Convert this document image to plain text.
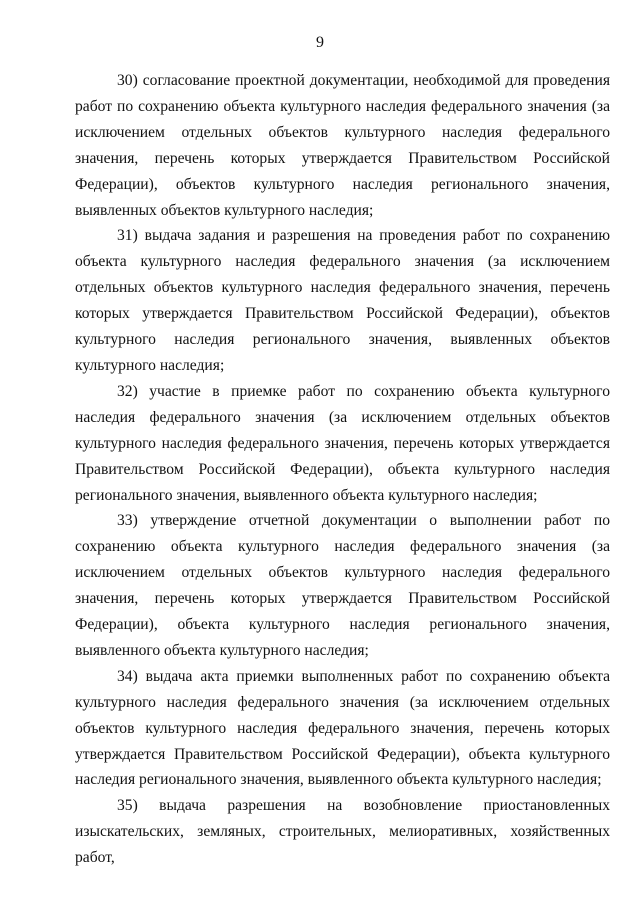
9

30) согласование проектной документации, необходимой для проведения работ по сохранению объекта культурного наследия федерального значения (за исключением отдельных объектов культурного наследия федерального значения, перечень которых утверждается Правительством Российской Федерации), объектов культурного наследия регионального значения, выявленных объектов культурного наследия;

31) выдача задания и разрешения на проведения работ по сохранению объекта культурного наследия федерального значения (за исключением отдельных объектов культурного наследия федерального значения, перечень которых утверждается Правительством Российской Федерации), объектов культурного наследия регионального значения, выявленных объектов культурного наследия;

32) участие в приемке работ по сохранению объекта культурного наследия федерального значения (за исключением отдельных объектов культурного наследия федерального значения, перечень которых утверждается Правительством Российской Федерации), объекта культурного наследия регионального значения, выявленного объекта культурного наследия;

33) утверждение отчетной документации о выполнении работ по сохранению объекта культурного наследия федерального значения (за исключением отдельных объектов культурного наследия федерального значения, перечень которых утверждается Правительством Российской Федерации), объекта культурного наследия регионального значения, выявленного объекта культурного наследия;

34) выдача акта приемки выполненных работ по сохранению объекта культурного наследия федерального значения (за исключением отдельных объектов культурного наследия федерального значения, перечень которых утверждается Правительством Российской Федерации), объекта культурного наследия регионального значения, выявленного объекта культурного наследия;

35) выдача разрешения на возобновление приостановленных изыскательских, земляных, строительных, мелиоративных, хозяйственных работ,
